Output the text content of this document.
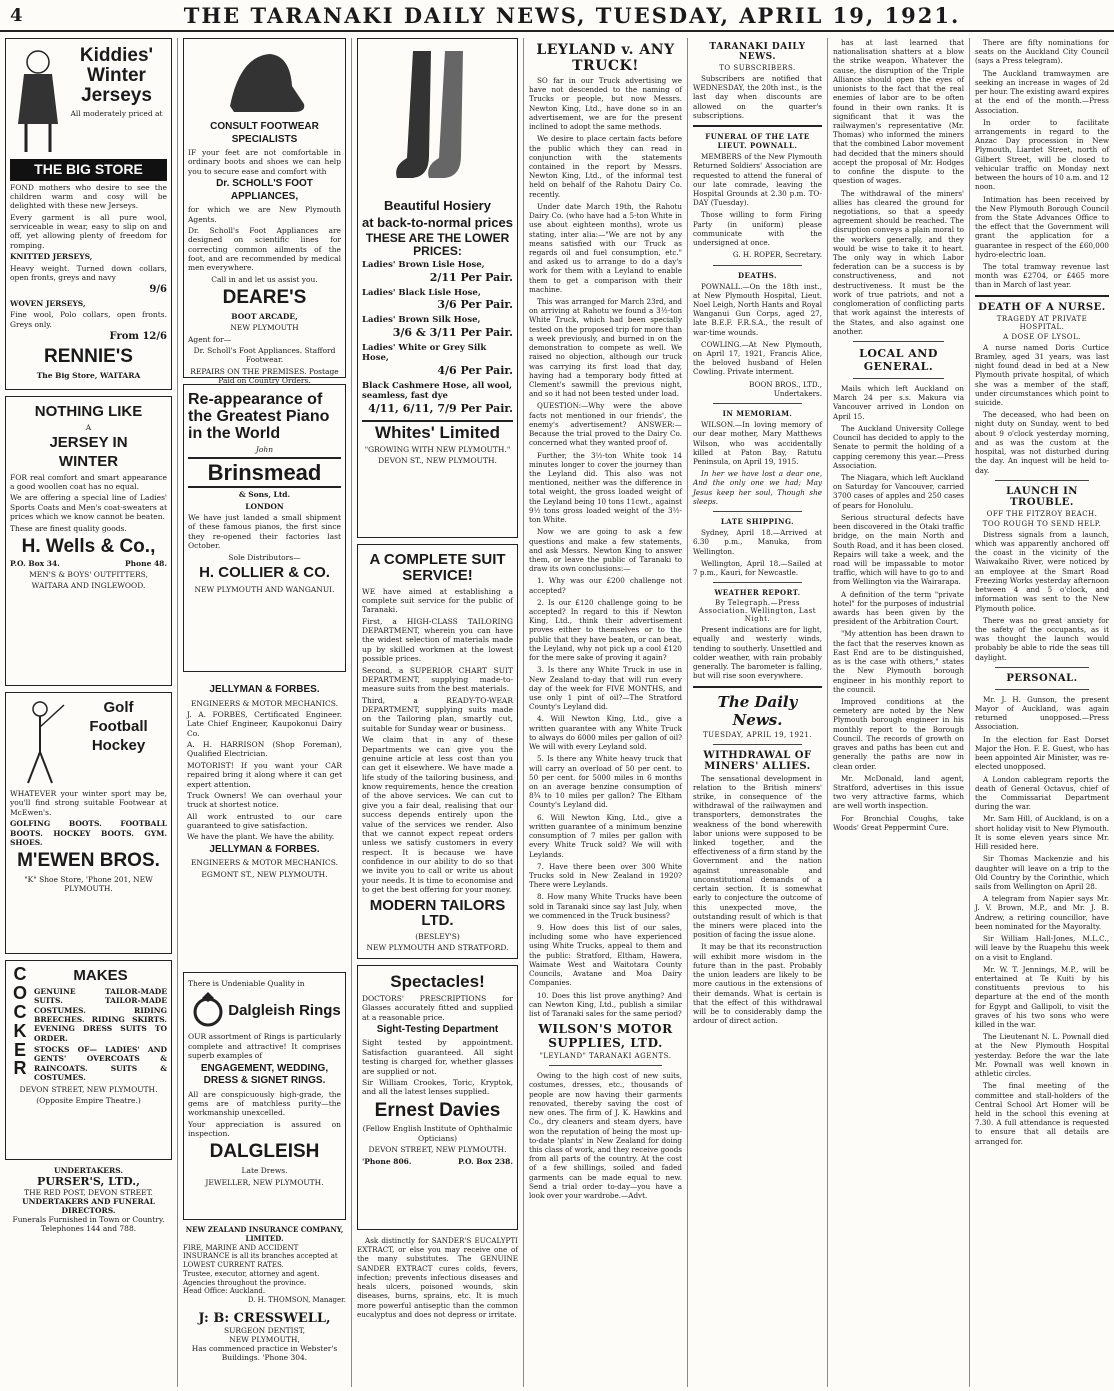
4	THE TARANAKI DAILY NEWS, TUESDAY, APRIL 19, 1921.
Kiddies' Winter Jerseys

All moderately priced at

THE BIG STORE

FOND mothers who desire to see the children warm and cosy will be delighted with these new Jerseys.

Every garment is all pure wool, serviceable in wear, easy to slip on and off, yet allowing plenty of freedom for romping.

KNITTED JERSEYS,

Heavy weight. Turned down collars, open fronts, greys and navy

9/6

WOVEN JERSEYS,

Fine wool, Polo collars, open fronts. Greys only.

From 12/6

RENNIE'S

The Big Store, WAITARA

NOTHING LIKE

A

JERSEY IN
WINTER

FOR real comfort and smart appearance a good woollen coat has no equal.

We are offering a special line of Ladies' Sports Coats and Men's coat-sweaters at prices which we know cannot be beaten.

These are finest quality goods.

H. Wells & Co.,
P.O. Box 34.	Phone 48.

MEN'S & BOYS' OUTFITTERS,

WAITARA AND INGLEWOOD.

Golf
Football
Hockey

WHATEVER your winter sport may be, you'll find strong suitable Footwear at McEwen's.

GOLFING BOOTS. FOOTBALL BOOTS. HOCKEY BOOTS. GYM. SHOES.

M'EWEN BROS.

"K" Shoe Store, 'Phone 201, NEW PLYMOUTH.

COCKER
MAKES

GENUINE TAILOR-MADE SUITS. TAILOR-MADE COSTUMES. RIDING BREECHES. RIDING SKIRTS. EVENING DRESS SUITS TO ORDER.

STOCKS OF— LADIES' AND GENTS' OVERCOATS & RAINCOATS. SUITS & COSTUMES.

DEVON STREET, NEW PLYMOUTH.

(Opposite Empire Theatre.)

UNDERTAKERS.

PURSER'S, LTD.,

THE RED POST, DEVON STREET.

UNDERTAKERS AND FUNERAL DIRECTORS.

Funerals Furnished in Town or Country.

Telephones 144 and 788.

CONSULT FOOTWEAR SPECIALISTS

IF your feet are not comfortable in ordinary boots and shoes we can help you to secure ease and comfort with

Dr. SCHOLL'S FOOT APPLIANCES,

for which we are New Plymouth Agents.

Dr. Scholl's Foot Appliances are designed on scientific lines for correcting common ailments of the foot, and are recommended by medical men everywhere.

Call in and let us assist you.

DEARE'S

BOOT ARCADE,

NEW PLYMOUTH

Agent for—

Dr. Scholl's Foot Appliances. Stafford Footwear.

REPAIRS ON THE PREMISES. Postage Paid on Country Orders.

Re-appearance of the Greatest Piano in the World

John

Brinsmead

& Sons, Ltd.

LONDON

We have just landed a small shipment of these famous pianos, the first since they re-opened their factories last October.

Sole Distributors—

H. COLLIER & CO.

NEW PLYMOUTH AND WANGANUI.

JELLYMAN & FORBES.

ENGINEERS & MOTOR MECHANICS.

J. A. FORBES, Certificated Engineer. Late Chief Engineer, Kaupokonui Dairy Co.

A. H. HARRISON (Shop Foreman), Qualified Electrician.

MOTORIST! If you want your CAR repaired bring it along where it can get expert attention.

Truck Owners! We can overhaul your truck at shortest notice.

All work entrusted to our care guaranteed to give satisfaction.

We have the plant. We have the ability.

JELLYMAN & FORBES.

ENGINEERS & MOTOR MECHANICS.

EGMONT ST., NEW PLYMOUTH.

There is Undeniable Quality in

Dalgleish Rings

OUR assortment of Rings is particularly complete and attractive! It comprises superb examples of

ENGAGEMENT, WEDDING, DRESS & SIGNET RINGS.

All are conspicuously high-grade, the gems are of matchless purity—the workmanship unexcelled.

Your appreciation is assured on inspection.

DALGLEISH

Late Drews.

JEWELLER, NEW PLYMOUTH.

NEW ZEALAND INSURANCE COMPANY, LIMITED.

FIRE, MARINE AND ACCIDENT INSURANCE is all its branches accepted at LOWEST CURRENT RATES.

Trustee, executor, attorney and agent. Agencies throughout the province.

Head Office: Auckland.

D. H. THOMSON, Manager.

J: B: CRESSWELL,

SURGEON DENTIST,

NEW PLYMOUTH,

Has commenced practice in Webster's Buildings. 'Phone 304.

Beautiful Hosiery
at back-to-normal prices
THESE ARE THE LOWER PRICES:
Ladies' Brown Lisle Hose,
2/11 Per Pair.
Ladies' Black Lisle Hose,
3/6 Per Pair.
Ladies' Brown Silk Hose,
3/6 & 3/11 Per Pair.
Ladies' White or Grey Silk Hose,
4/6 Per Pair.
Black Cashmere Hose, all wool, seamless, fast dye
4/11, 6/11, 7/9 Per Pair.
Whites' Limited

"GROWING WITH NEW PLYMOUTH."

DEVON ST., NEW PLYMOUTH.

A COMPLETE SUIT SERVICE!

WE have aimed at establishing a complete suit service for the public of Taranaki.

First, a HIGH-CLASS TAILORING DEPARTMENT, wherein you can have the widest selection of materials made up by skilled workmen at the lowest possible prices.

Second, a SUPERIOR CHART SUIT DEPARTMENT, supplying made-to-measure suits from the best materials.

Third, a READY-TO-WEAR DEPARTMENT, supplying suits made on the Tailoring plan, smartly cut, suitable for Sunday wear or business.

We claim that in any of these Departments we can give you the genuine article at less cost than you can get it elsewhere. We have made a life study of the tailoring business, and know requirements, hence the creation of the above services. We can cut to give you a fair deal, realising that our success depends entirely upon the value of the services we render. Also that we cannot expect repeat orders unless we satisfy customers in every respect. It is because we have confidence in our ability to do so that we invite you to call or write us about your needs. It is time to economise and to get the best offering for your money.

MODERN TAILORS LTD.

(BESLEY'S)

NEW PLYMOUTH AND STRATFORD.

Spectacles!

DOCTORS' PRESCRIPTIONS for Glasses accurately fitted and supplied at a reasonable price.

Sight-Testing Department

Sight tested by appointment. Satisfaction guaranteed. All sight testing is charged for, whether glasses are supplied or not.

Sir William Crookes, Toric, Kryptok, and all the latest lenses supplied.

Ernest Davies

(Fellow English Institute of Ophthalmic Opticians)

DEVON STREET, NEW PLYMOUTH.

'Phone 806.	P.O. Box 238.

Ask distinctly for SANDER'S EUCALYPTI EXTRACT, or else you may receive one of the many substitutes. The GENUINE SANDER EXTRACT cures colds, fevers, infection; prevents infectious diseases and heals ulcers, poisoned wounds, skin diseases, burns, sprains, etc. It is much more powerful antiseptic than the common eucalyptus and does not depress or irritate.

LEYLAND v. ANY TRUCK!

SO far in our Truck advertising we have not descended to the naming of Trucks or people, but now Messrs. Newton King, Ltd., have done so in an advertisement, we are for the present inclined to adopt the same methods.

We desire to place certain facts before the public which they can read in conjunction with the statements contained in the report by Messrs. Newton King, Ltd., of the informal test held on behalf of the Rahotu Dairy Co. recently.

Under date March 19th, the Rahotu Dairy Co. (who have had a 5-ton White in use about eighteen months), wrote us stating, inter alia:—"We are not by any means satisfied with our Truck as regards oil and fuel consumption, etc." and asked us to arrange to do a day's work for them with a Leyland to enable them to get a comparison with their machine.

This was arranged for March 23rd, and on arriving at Rahotu we found a 3½-ton White Truck, which had been specially tested on the proposed trip for more than a week previously, and burned in on the demonstration to compete as well. We raised no objection, although our truck was carrying its first load that day, having had a temporary body fitted at Clement's sawmill the previous night, and so it had not been tested under load.

QUESTION:—Why were the above facts not mentioned in our friends', the enemy's advertisement? ANSWER:—Because the trial proved to the Dairy Co. concerned what they wanted proof of.

Further, the 3½-ton White took 14 minutes longer to cover the journey than the Leyland did. This also was not mentioned, neither was the difference in total weight, the gross loaded weight of the Leyland being 10 tons 11cwt., against 9½ tons gross loaded weight of the 3½-ton White.

Now we are going to ask a few questions and make a few statements, and ask Messrs. Newton King to answer them, or leave the public of Taranaki to draw its own conclusions:—

1. Why was our £200 challenge not accepted?

2. Is our £120 challenge going to be accepted? In regard to this if Newton King, Ltd., think their advertisement proves either to themselves or to the public that they have beaten, or can beat, the Leyland, why not pick up a cool £120 for the mere sake of proving it again?

3. Is there any White Truck in use in New Zealand to-day that will run every day of the week for FIVE MONTHS, and use only 1 pint of oil?—The Stratford County's Leyland did.

4. Will Newton King, Ltd., give a written guarantee with any White Truck to always do 6000 miles per gallon of oil? We will with every Leyland sold.

5. Is there any White heavy truck that will carry an overload of 50 per cent. to 50 per cent. for 5000 miles in 6 months on an average benzine consumption of 8¾ to 10 miles per gallon? The Eltham County's Leyland did.

6. Will Newton King, Ltd., give a written guarantee of a minimum benzine consumption of 7 miles per gallon with every White Truck sold? We will with Leylands.

7. Have there been over 300 White Trucks sold in New Zealand in 1920? There were Leylands.

8. How many White Trucks have been sold in Taranaki since say last July, when we commenced in the Truck business?

9. How does this list of our sales, including some who have experienced using White Trucks, appeal to them and the public: Stratford, Eltham, Hawera, Waimate West and Waitotara County Councils, Avatane and Moa Dairy Companies.

10. Does this list prove anything? And can Newton King, Ltd., publish a similar list of Taranaki sales for the same period?

WILSON'S MOTOR SUPPLIES, LTD.
"LEYLAND" TARANAKI AGENTS.

Owing to the high cost of new suits, costumes, dresses, etc., thousands of people are now having their garments renovated, thereby saving the cost of new ones. The firm of J. K. Hawkins and Co., dry cleaners and steam dyers, have won the reputation of being the most up-to-date 'plants' in New Zealand for doing this class of work, and they receive goods from all parts of the country. At the cost of a few shillings, soiled and faded garments can be made equal to new. Send a trial order to-day—you have a look over your wardrobe.—Advt.

TARANAKI DAILY NEWS.
TO SUBSCRIBERS.

Subscribers are notified that WEDNESDAY, the 20th inst., is the last day when discounts are allowed on the quarter's subscriptions.

FUNERAL OF THE LATE LIEUT. POWNALL.

MEMBERS of the New Plymouth Returned Soldiers' Association are requested to attend the funeral of our late comrade, leaving the Hospital Grounds at 2.30 p.m. TO-DAY (Tuesday).

Those willing to form Firing Party (in uniform) please communicate with the undersigned at once.

G. H. ROPER, Secretary.

DEATHS.

POWNALL.—On the 18th inst., at New Plymouth Hospital, Lieut. Noel Leigh, North Hants and Royal Wanganui Gun Corps, aged 27, late B.E.F. F.R.S.A., the result of war-time wounds.

COWLING.—At New Plymouth, on April 17, 1921, Francis Alice, the beloved husband of Helen Cowling. Private interment.

BOON BROS., LTD., Undertakers.

IN MEMORIAM.

WILSON.—In loving memory of our dear mother, Mary Matthews Wilson, who was accidentally killed at Paton Bay, Ratutu Peninsula, on April 19, 1915.

In her we have lost a dear one, And the only one we had; May Jesus keep her soul, Though she sleeps.

LATE SHIPPING.

Sydney, April 18.—Arrived at 6.30 p.m., Manuka, from Wellington.

Wellington, April 18.—Sailed at 7 p.m., Kauri, for Newcastle.

WEATHER REPORT.
By Telegraph.—Press Association. Wellington, Last Night.

Present indications are for light, equally and westerly winds, tending to southerly. Unsettled and colder weather, with rain probably generally. The barometer is falling, but will rise soon everywhere.

The Daily News.
TUESDAY, APRIL 19, 1921.
WITHDRAWAL OF MINERS' ALLIES.

The sensational development in relation to the British miners' strike, in consequence of the withdrawal of the railwaymen and transporters, demonstrates the weakness of the bond wherewith labor unions were supposed to be linked together, and the effectiveness of a firm stand by the Government and the nation against unreasonable and unconstitutional demands of a certain section. It is somewhat early to conjecture the outcome of this unexpected move, the outstanding result of which is that the miners were placed into the position of facing the issue alone.

It may be that its reconstruction will exhibit more wisdom in the future than in the past. Probably the union leaders are likely to be more cautious in the extensions of their demands. What is certain is that the effect of this withdrawal will be to considerably damp the ardour of direct action.

has at last learned that nationalisation shatters at a blow the strike weapon. Whatever the cause, the disruption of the Triple Alliance should open the eyes of unionists to the fact that the real enemies of labor are to be often found in their own ranks. It is significant that it was the railwaymen's representative (Mr. Thomas) who informed the miners that the combined Labor movement had decided that the miners should accept the proposal of Mr. Hodges to confine the dispute to the question of wages.

The withdrawal of the miners' allies has cleared the ground for negotiations, so that a speedy agreement should be reached. The disruption conveys a plain moral to the workers generally, and they would be wise to take it to heart. The only way in which Labor federation can be a success is by constructiveness, and not destructiveness. It must be the work of true patriots, and not a conglomeration of conflicting parts that work against the interests of the States, and also against one another.

LOCAL AND GENERAL.

Mails which left Auckland on March 24 per s.s. Makura via Vancouver arrived in London on April 15.

The Auckland University College Council has decided to apply to the Senate to permit the holding of a capping ceremony this year.—Press Association.

The Niagara, which left Auckland on Saturday for Vancouver, carried 3700 cases of apples and 250 cases of pears for Honolulu.

Serious structural defects have been discovered in the Otaki traffic bridge, on the main North and South Road, and it has been closed. Repairs will take a week, and the road will be impassable to motor traffic, which will have to go to and from Wellington via the Wairarapa.

A definition of the term "private hotel" for the purposes of industrial awards has been given by the president of the Arbitration Court.

"My attention has been drawn to the fact that the reserves known as East End are to be distinguished, as is the case with others," states the New Plymouth borough engineer in his monthly report to the council.

Improved conditions at the cemetery are noted by the New Plymouth borough engineer in his monthly report to the Borough Council. The records of growth on graves and paths has been cut and generally the paths are now in clean order.

Mr. McDonald, land agent, Stratford, advertises in this issue two very attractive farms, which are well worth inspection.

For Bronchial Coughs, take Woods' Great Peppermint Cure.

There are fifty nominations for seats on the Auckland City Council (says a Press telegram).

The Auckland tramwaymen are seeking an increase in wages of 2d per hour. The existing award expires at the end of the month.—Press Association.

In order to facilitate arrangements in regard to the Anzac Day procession in New Plymouth, Liardet Street, north of Gilbert Street, will be closed to vehicular traffic on Monday next between the hours of 10 a.m. and 12 noon.

Intimation has been received by the New Plymouth Borough Council from the State Advances Office to the effect that the Government will grant the application for a guarantee in respect of the £60,000 hydro-electric loan.

The total tramway revenue last month was £2704, or £465 more than in March of last year.

DEATH OF A NURSE.
TRAGEDY AT PRIVATE HOSPITAL.
A DOSE OF LYSOL.

A nurse named Doris Curtice Bramley, aged 31 years, was last night found dead in bed at a New Plymouth private hospital, of which she was a member of the staff, under circumstances which point to suicide.

The deceased, who had been on night duty on Sunday, went to bed about 9 o'clock yesterday morning, and as was the custom at the hospital, was not disturbed during the day. An inquest will be held to-day.

LAUNCH IN TROUBLE.
OFF THE FITZROY BEACH.
TOO ROUGH TO SEND HELP.

Distress signals from a launch, which was apparently anchored off the coast in the vicinity of the Waiwakaiho River, were noticed by an employee at the Smart Road Freezing Works yesterday afternoon between 4 and 5 o'clock, and information was sent to the New Plymouth police.

There was no great anxiety for the safety of the occupants, as it was thought the launch would probably be able to ride the seas till daylight.

PERSONAL.

Mr. J. H. Gunson, the present Mayor of Auckland, was again returned unopposed.—Press Association.

In the election for East Dorset Major the Hon. F. E. Guest, who has been appointed Air Minister, was re-elected unopposed.

A London cablegram reports the death of General Octavus, chief of the Commissariat Department during the war.

Mr. Sam Hill, of Auckland, is on a short holiday visit to New Plymouth. It is some eleven years since Mr. Hill resided here.

Sir Thomas Mackenzie and his daughter will leave on a trip to the Old Country by the Corinthic, which sails from Wellington on April 28.

A telegram from Napier says Mr. J. V. Brown, M.P., and Mr. J. B. Andrew, a retiring councillor, have been nominated for the Mayoralty.

Sir William Hall-Jones, M.L.C., will leave by the Ruapehu this week on a visit to England.

Mr. W. T. Jennings, M.P., will be entertained at Te Kuiti by his constituents previous to his departure at the end of the month for Egypt and Gallipoli, to visit the graves of his two sons who were killed in the war.

The Lieutenant N. L. Pownall died at the New Plymouth Hospital yesterday. Before the war the late Mr. Pownall was well known in athletic circles.

The final meeting of the committee and stall-holders of the Central School Art Homer will be held in the school this evening at 7.30. A full attendance is requested to ensure that all details are arranged for.
